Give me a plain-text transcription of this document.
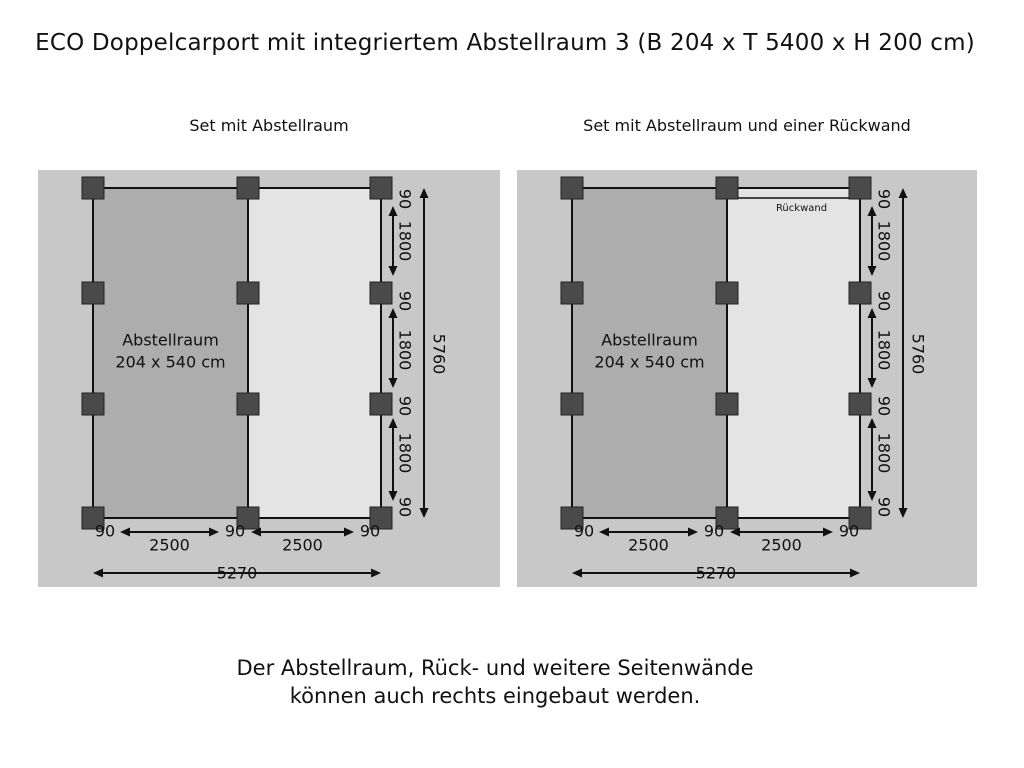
ECO Doppelcarport mit integriertem Abstellraum 3 (B 204 x T 5400 x H 200 cm)
Set mit Abstellraum	Set mit Abstellraum und einer Rückwand
Abstellraum
204 x 540 cm
90	90	90
2500	2500
5270
90
1800
90
1800
90
1800
90
5760
Rückwand
Abstellraum
204 x 540 cm
90	90	90
2500	2500
5270
90
1800
90
1800
90
1800
90
5760
Der Abstellraum, Rück- und weitere Seitenwände
können auch rechts eingebaut werden.
